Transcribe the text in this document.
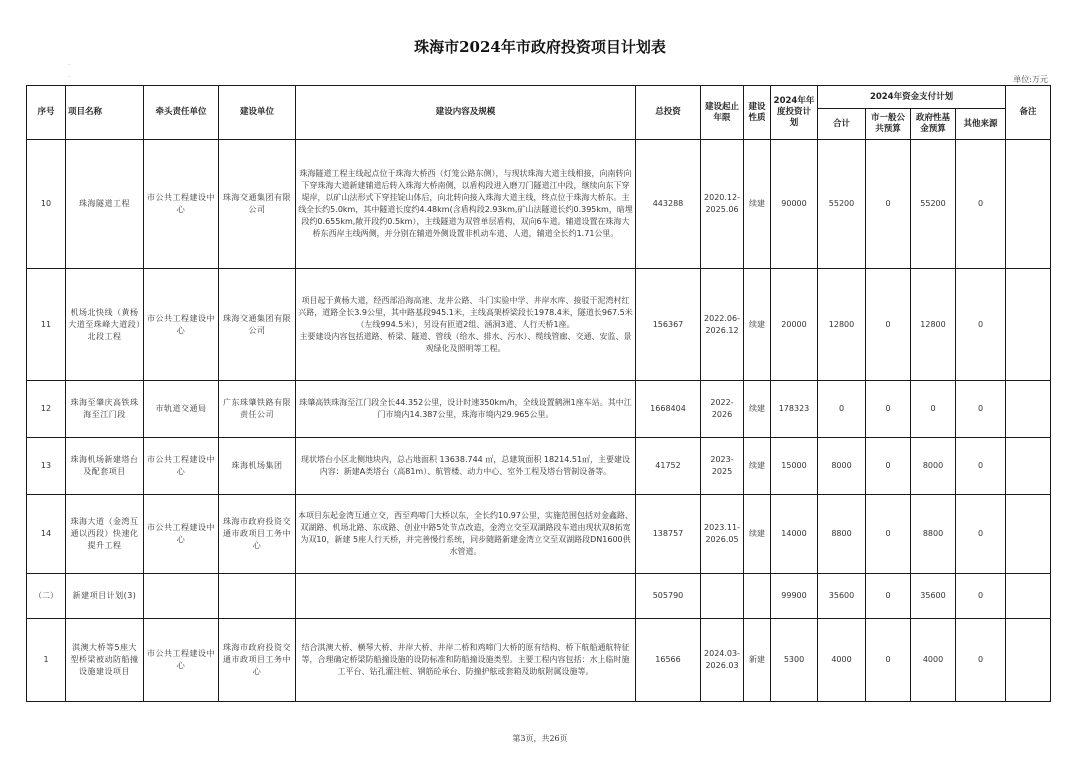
珠海市2024年市政府投资项目计划表
·
·	单位:万元
序号	项目名称	牵头责任单位	建设单位	建设内容及规模	总投资	建设起止年限	建设性质	2024年年度投资计划	2024年资金支付计划				备注
									合计	市一般公共预算	政府性基金预算	其他来源	
10	珠海隧道工程	市公共工程建设中心	珠海交通集团有限公司	珠海隧道工程主线起点位于珠海大桥西（灯笼公路东侧），与现状珠海大道主线相接，向南转向下穿珠海大道新建辅道后转入珠海大桥南侧，以盾构段进入磨刀门隧道江中段，继续向东下穿堤岸，以矿山法形式下穿挂锭山体后，向北转向接入珠海大道主线，终点位于珠海大桥东。主线全长约5.0km，其中隧道长度约4.48km(含盾构段2.93km,矿山法隧道长约0.395km，暗埋段约0.655km,敞开段约0.5km），主线隧道为双管单层盾构，双向6车道。辅道设置在珠海大桥东西岸主线两侧，并分别在辅道外侧设置非机动车道、人道，辅道全长约1.71公里。	443288	2020.12-2025.06	续建	90000	55200	0	55200	0	
11	机场北快线（黄杨大道至珠峰大道段）北段工程	市公共工程建设中心	珠海交通集团有限公司	项目起于黄杨大道，经西部沿海高速、龙井公路、斗门实验中学、井岸水库、接驳于泥湾村红兴路，道路全长3.9公里，其中路基段945.1米，主线高架桥梁段长1978.4米，隧道长967.5米（左线994.5米），另设有匝道2组、涵洞3道、人行天桥1座。
主要建设内容包括道路、桥梁、隧道、管线（给水、排水、污水）、缆线管廊、交通、安监、景观绿化及照明等工程。	156367	2022.06-2026.12	续建	20000	12800	0	12800	0	
12	珠海至肇庆高铁珠海至江门段	市轨道交通局	广东珠肇铁路有限责任公司	珠肇高铁珠海至江门段全长44.352公里，设计时速350km/h，全线设置鹤洲1座车站。其中江门市境内14.387公里，珠海市境内29.965公里。	1668404	2022-2026	续建	178323	0	0	0	0	
13	珠海机场新建塔台及配套项目	市公共工程建设中心	珠海机场集团	现状塔台小区北侧地块内，总占地面积 13638.744 ㎡，总建筑面积 18214.51㎡，主要建设内容：新建A类塔台（高81m）、航管楼、动力中心、室外工程及塔台管制设备等。	41752	2023-2025	续建	15000	8000	0	8000	0	
14	珠海大道（金湾互通以西段）快速化提升工程	市公共工程建设中心	珠海市政府投资交通市政项目工务中心	本项目东起金湾互通立交，西至鸡啼门大桥以东，全长约10.97公里，实施范围包括对金鑫路、双湖路、机场北路、东成路、创业中路5处节点改造，金湾立交至双湖路段车道由现状双8拓宽为双10，新建 5座人行天桥，并完善慢行系统，同步随路新建金湾立交至双湖路段DN1600供水管道。	138757	2023.11-2026.05	续建	14000	8800	0	8800	0	
（二）	新建项目计划(3)				505790			99900	35600	0	35600	0	
1	淇澳大桥等5座大型桥梁被动防船撞设施建设项目	市公共工程建设中心	珠海市政府投资交通市政项目工务中心	结合淇澳大桥、横琴大桥、井岸大桥、井岸二桥和鸡啼门大桥的原有结构、桥下航船通航特征等，合理确定桥梁防船撞设施的设防标准和防船撞设施类型。主要工程内容包括：水上临时施工平台、钻孔灌注桩、钢筋砼承台、防撞护舷或套箱及助航附属设施等。	16566	2024.03-2026.03	新建	5300	4000	0	4000	0	
第3页，共26页
